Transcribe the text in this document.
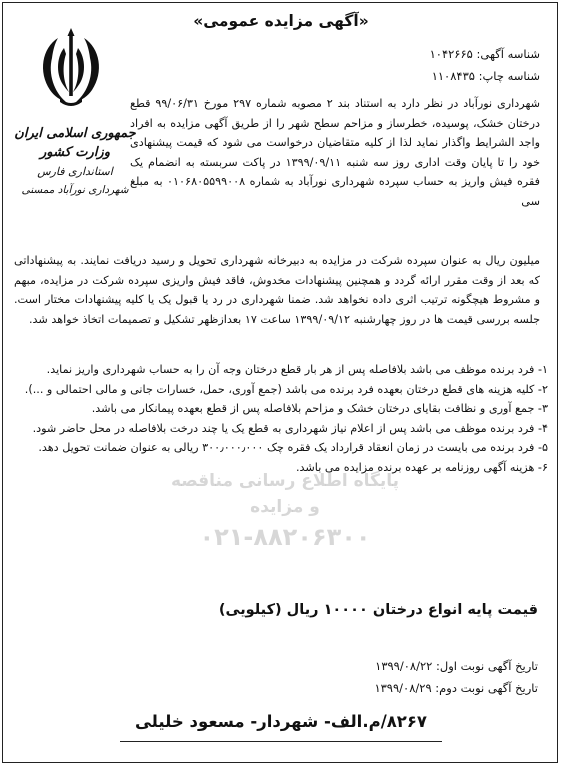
«آگهی مزایده عمومی»
جمهوری اسلامی ایران
وزارت کشور
استانداری فارس
شهرداری نورآباد ممسنی
شناسه آگهی: ۱۰۴۲۶۶۵
شناسه چاپ: ۱۱۰۸۴۳۵
شهرداری نورآباد در نظر دارد به استناد بند ۲ مصوبه شماره ۲۹۷ مورخ ۹۹/۰۶/۳۱ قطع درختان خشک، پوسیده، خطرساز و مزاحم سطح شهر را از طریق آگهی مزایده به افراد واجد الشرایط واگذار نماید لذا از کلیه متقاضیان درخواست می شود که قیمت پیشنهادی خود را تا پایان وقت اداری روز سه شنبه ۱۳۹۹/۰۹/۱۱ در پاکت سربسته به انضمام یک فقره فیش واریز به حساب سپرده شهرداری نورآباد به شماره ۰۱۰۶۸۰۵۵۹۹۰۰۸ به مبلغ سی
میلیون ریال به عنوان سپرده شرکت در مزایده به دبیرخانه شهرداری تحویل و رسید دریافت نمایند. به پیشنهاداتی که بعد از وقت مقرر ارائه گردد و همچنین پیشنهادات مخدوش، فاقد فیش واریزی سپرده شرکت در مزایده، مبهم و مشروط هیچگونه ترتیب اثری داده نخواهد شد. ضمنا شهرداری در رد یا قبول یک یا کلیه پیشنهادات مختار است. جلسه بررسی قیمت ها در روز چهارشنبه ۱۳۹۹/۰۹/۱۲ ساعت ۱۷ بعدازظهر تشکیل و تصمیمات اتخاذ خواهد شد.
۱- فرد برنده موظف می باشد بلافاصله پس از هر بار قطع درختان وجه آن را به حساب شهرداری واریز نماید.
۲- کلیه هزینه های قطع درختان بعهده فرد برنده می باشد (جمع آوری، حمل، خسارات جانی و مالی احتمالی و ...).
۳- جمع آوری و نظافت بقایای درختان خشک و مزاحم بلافاصله پس از قطع بعهده پیمانکار می باشد.
۴- فرد برنده موظف می باشد پس از اعلام نیاز شهرداری به قطع یک یا چند درخت بلافاصله در محل حاضر شود.
۵- فرد برنده می بایست در زمان انعقاد قرارداد یک فقره چک ۳۰۰٫۰۰۰٫۰۰۰ ریالی به عنوان ضمانت تحویل دهد.
۶- هزینه آگهی روزنامه بر عهده برنده مزایده می باشد.
پایگاه اطلاع رسانی مناقصه و مزایده
۰۲۱-۸۸۲۰۶۳۰۰
قیمت پایه انواع درختان ۱۰۰۰۰ ریال (کیلویی)
تاریخ آگهی نوبت اول: ۱۳۹۹/۰۸/۲۲
تاریخ آگهی نوبت دوم: ۱۳۹۹/۰۸/۲۹
۸۲۶۷/م.الف- شهردار- مسعود خلیلی
